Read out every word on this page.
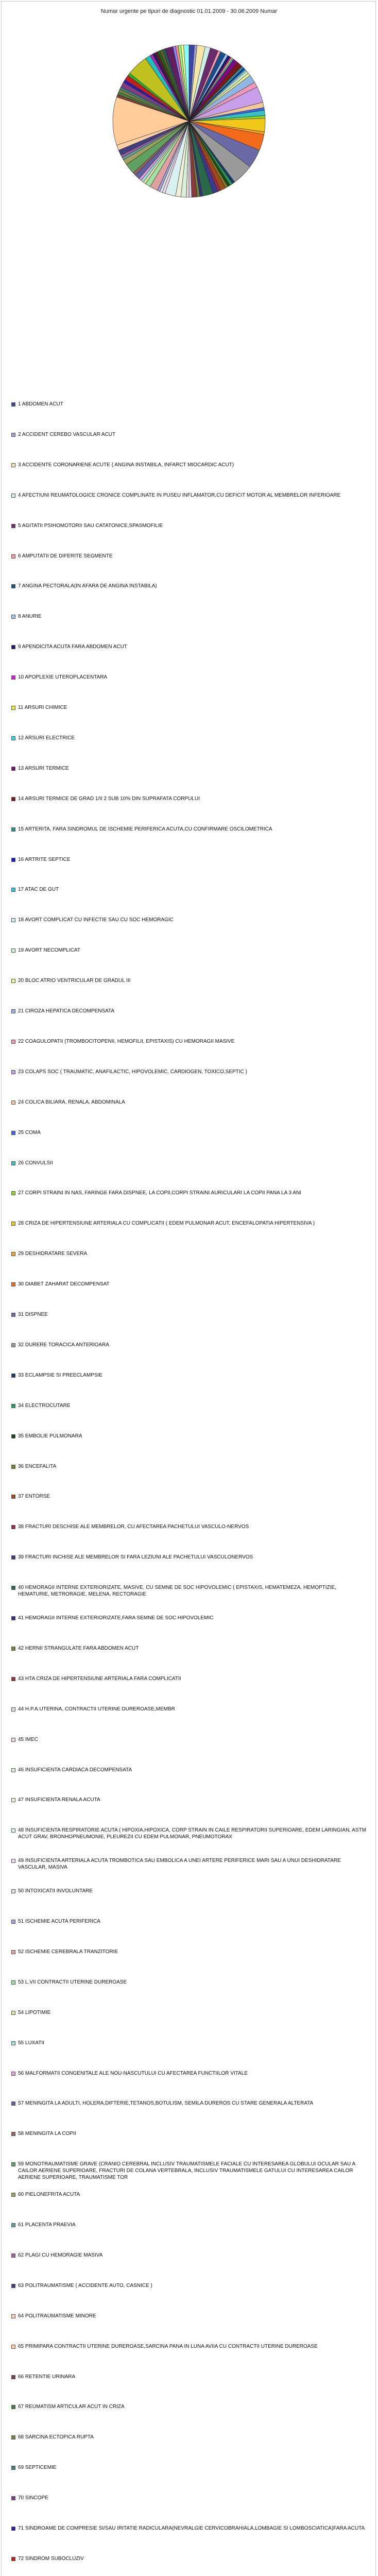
Numar urgente pe tipuri de diagnostic 01.01.2009 - 30.06.2009 Numar
1 ABDOMEN ACUT
2 ACCIDENT CEREBO VASCULAR ACUT
3 ACCIDENTE CORONARIENE ACUTE ( ANGINA INSTABILA, INFARCT MIOCARDIC ACUT)
4 AFECTIUNI REUMATOLOGICE CRONICE COMPLINATE IN PUSEU INFLAMATOR,CU DEFICIT MOTOR AL MEMBRELOR INFERIOARE
5 AGITATII PSIHOMOTORII SAU CATATONICE,SPASMOFILIE
6 AMPUTATII DE DIFERITE SEGMENTE
7 ANGINA PECTORALA(IN AFARA DE ANGINA INSTABILA)
8 ANURIE
9 APENDICITA ACUTA FARA ABDOMEN ACUT
10 APOPLEXIE UTEROPLACENTARA
11 ARSURI CHIMICE
12 ARSURI ELECTRICE
13 ARSURI TERMICE
14 ARSURI TERMICE DE GRAD 1/II 2 SUB 10% DIN SUPRAFATA CORPULUI
15 ARTERITA, FARA SINDROMUL DE ISCHEMIE PERIFERICA ACUTA,CU CONFIRMARE OSCILOMETRICA
16 ARTRITE SEPTICE
17 ATAC DE GUT
18 AVORT COMPLICAT CU INFECTIE SAU CU SOC HEMORAGIC
19 AVORT NECOMPLICAT
20 BLOC ATRIO VENTRICULAR DE GRADUL III
21 CIROZA HEPATICA DECOMPENSATA
22 COAGULOPATII (TROMBOCITOPENII, HEMOFILII, EPISTAXIS) CU HEMORAGII MASIVE
23 COLAPS SOC ( TRAUMATIC, ANAFILACTIC, HIPOVOLEMIC, CARDIOGEN, TOXICO,SEPTIC )
24 COLICA BILIARA, RENALA, ABDOMINALA
25 COMA
26 CONVULSII
27 CORPI STRAINI IN NAS, FARINGE FARA DISPNEE, LA COPII,CORPI STRAINI AURICULARI LA COPII PANA LA 3 ANI
28 CRIZA DE HIPERTENSIUNE ARTERIALA CU COMPLICATII ( EDEM PULMONAR ACUT, ENCEFALOPATIA HIPERTENSIVA )
29 DESHIDRATARE SEVERA
30 DIABET ZAHARAT DECOMPENSAT
31 DISPNEE
32 DURERE TORACICA ANTERIOARA
33 ECLAMPSIE SI PREECLAMPSIE
34 ELECTROCUTARE
35 EMBOLIE PULMONARA
36 ENCEFALITA
37 ENTORSE
38 FRACTURI DESCHISE ALE MEMBRELOR, CU AFECTAREA PACHETULUI VASCULO-NERVOS
39 FRACTURI INCHISE ALE MEMBRELOR SI FARA LEZIUNI ALE PACHETULUI VASCULONERVOS
40 HEMORAGII INTERNE EXTERIORIZATE, MASIVE, CU SEMNE DE SOC HIPOVOLEMIC ( EPISTAXIS, HEMATEMEZA, HEMOPTIZIE, HEMATURIE, METRORAGIE, MELENA, RECTORAGIE
41 HEMORAGII INTERNE EXTERIORIZATE,FARA SEMNE DE SOC HIPOVOLEMIC
42 HERNII STRANGULATE FARA ABDOMEN ACUT
43 HTA CRIZA DE HIPERTENSIUNE ARTERIALA FARA COMPLICATII
44 H.P.A.UTERINA, CONTRACTII UTERINE DUREROASE,MEMBR
45 IMEC
46 INSUFICIENTA CARDIACA DECOMPENSATA
47 INSUFICIENTA RENALA ACUTA
48 INSUFICIENTA RESPIRATORIE ACUTA ( HIPOXIA,HIPOXICA, CORP STRAIN IN CAILE RESPIRATORII SUPERIOARE, EDEM LARINGIAN, ASTM ACUT GRAV, BRONHOPNEUMONIE, PLEUREZII CU EDEM PULMONAR, PNEUMOTORAX
49 INSUFICIENTA ARTERIALA ACUTA TROMBOTICA SAU EMBOLICA A UNEI ARTERE PERIFERICE MARI SAU A UNUI DESHIDRATARE VASCULAR, MASIVA
50 INTOXICATII INVOLUNTARE
51 ISCHEMIE ACUTA PERIFERICA
52 ISCHEMIE CEREBRALA TRANZITORIE
53 L.VII CONTRACTII UTERINE DUREROASE
54 LIPOTIMIE
55 LUXATII
56 MALFORMATII CONGENITALE ALE NOU-NASCUTULUI CU AFECTAREA FUNCTIILOR VITALE
57 MENINGITA LA ADULTI, HOLERA,DIFTERIE,TETANOS,BOTULISM, SEMILA DUREROS CU STARE GENERALA ALTERATA
58 MENINGITA LA COPII
59 MONOTRAUMATISME GRAVE (CRANIO CEREBRAL INCLUSIV TRAUMATISMELE FACIALE CU INTERESAREA GLOBULUI OCULAR SAU A CAILOR AERIENE SUPERIOARE, FRACTURI DE COLANA VERTEBRALA, INCLUSIV TRAUMATISMELE GATULUI CU INTERESAREA CAILOR AERIENE SUPERIOARE, TRAUMATISME TOR
60 PIELONEFRITA ACUTA
61 PLACENTA PRAEVIA
62 PLAGI CU HEMORAGIE MASIVA
63 POLITRAUMATISME ( ACCIDENTE AUTO, CASNICE )
64 POLITRAUMATISME MINORE
65 PRIMIPARA CONTRACTII UTERINE DUREROASE,SARCINA PANA IN LUNA AVIIA CU CONTRACTII UTERINE DUREROASE
66 RETENTIE URINARA
67 REUMATISM ARTICULAR ACUT IN CRIZA
68 SARCINA ECTOPICA RUPTA
69 SEPTICEMIE
70 SINCOPE
71 SINDROAME DE COMPRESIE SI/SAU IRITATIE RADICULARA(NEVRALGIE CERVICOBRAHIALA,LOMBAGIE SI LOMBOSCIATICA)FARA ACUTA
72 SINDROM SUBOCLUZIV
